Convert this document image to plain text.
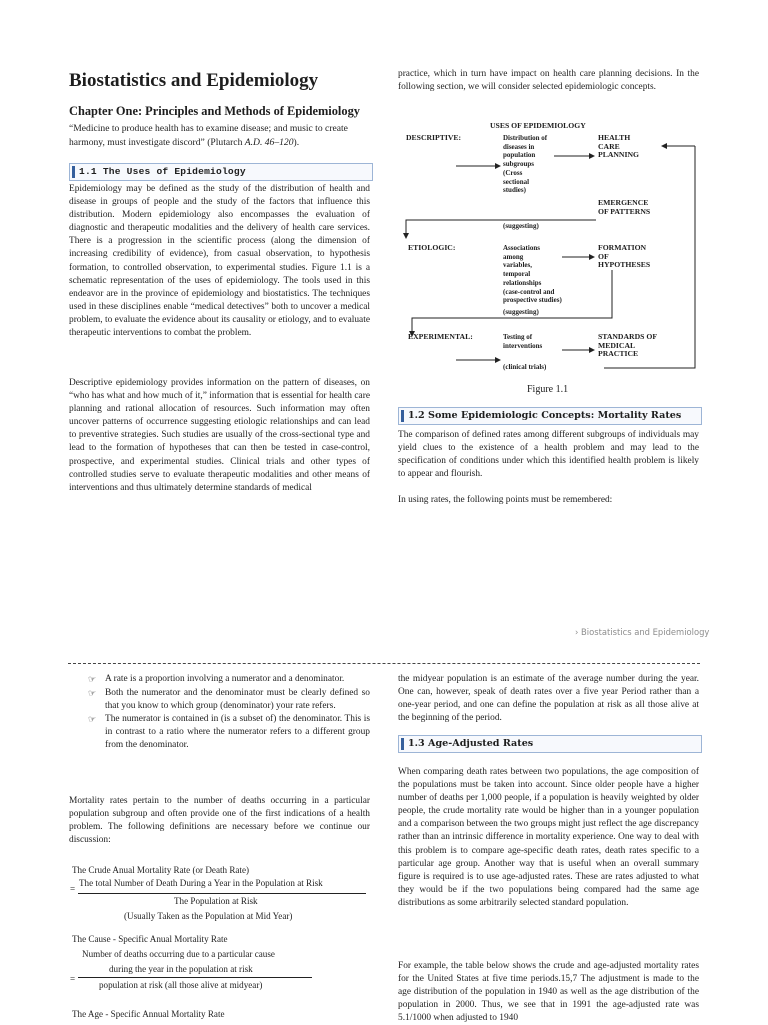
Biostatistics and Epidemiology
Chapter One: Principles and Methods of Epidemiology

“Medicine to produce health has to examine disease; and music to create harmony, must investigate discord” (Plutarch A.D. 46–120).

1.1 The Uses of Epidemiology

Epidemiology may be defined as the study of the distribution of health and disease in groups of people and the study of the factors that influence this distribution. Modern epidemiology also encompasses the evaluation of diagnostic and therapeutic modalities and the delivery of health care services. There is a progression in the scientific process (along the dimension of increasing credibility of evidence), from casual observation, to hypothesis formation, to controlled observation, to experimental studies. Figure 1.1 is a schematic representation of the uses of epidemiology. The tools used in this endeavor are in the province of epidemiology and biostatistics. The techniques used in these disciplines enable “medical detectives” both to uncover a medical problem, to evaluate the evidence about its causality or etiology, and to evaluate therapeutic interventions to combat the problem.

Descriptive epidemiology provides information on the pattern of diseases, on “who has what and how much of it,” information that is essential for health care planning and rational allocation of resources. Such information may often uncover patterns of occurrence suggesting etiologic relationships and can lead to preventive strategies. Such studies are usually of the cross-sectional type and lead to the formation of hypotheses that can then be tested in case-control, prospective, and experimental studies. Clinical trials and other types of controlled studies serve to evaluate therapeutic modalities and other means of interventions and thus ultimately determine standards of medical

practice, which in turn have impact on health care planning decisions. In the following section, we will consider selected epidemiologic concepts.

USES OF EPIDEMIOLOGY
DESCRIPTIVE:	Distribution of
diseases in
population
subgroups
(Cross
sectional
studies)
HEALTH
CARE
PLANNING
EMERGENCE
OF PATTERNS
(suggesting)
ETIOLOGIC:	Associations
among
variables,
temporal
relationships
(case-control and
prospective studies)
FORMATION
OF
HYPOTHESES
(suggesting)
EXPERIMENTAL:	Testing of
interventions
STANDARDS OF
MEDICAL
PRACTICE
(clinical trials)
Figure 1.1
1.2 Some Epidemiologic Concepts: Mortality Rates

The comparison of defined rates among different subgroups of individuals may yield clues to the existence of a health problem and may lead to the specification of conditions under which this identified health problem is likely to appear and flourish.

In using rates, the following points must be remembered:

› Biostatistics and Epidemiology
☞ A rate is a proportion involving a numerator and a denominator.
☞ Both the numerator and the denominator must be clearly defined so that you know to which group (denominator) your rate refers.
☞ The numerator is contained in (is a subset of) the denominator. This is in contrast to a ratio where the numerator refers to a different group from the denominator.

Mortality rates pertain to the number of deaths occurring in a particular population subgroup and often provide one of the first indications of a health problem. The following definitions are necessary before we continue our discussion:

The Crude Anual Mortality Rate (or Death Rate)
=
The total Number of Death During a Year in the Population at Risk
The Population at Risk
(Usually Taken as the Population at Mid Year)
The Cause - Specific Anual Mortality Rate
Number of deaths occurring due to a particular cause
during the year in the population at risk
=
population at risk (all those alive at midyear)
The Age - Specific Annual Mortality Rate

the midyear population is an estimate of the average number during the year. One can, however, speak of death rates over a five year Period rather than a one-year period, and one can define the population at risk as all those alive at the beginning of the period.

1.3 Age-Adjusted Rates

When comparing death rates between two populations, the age composition of the populations must be taken into account. Since older people have a higher number of deaths per 1,000 people, if a population is heavily weighted by older people, the crude mortality rate would be higher than in a younger population and a comparison between the two groups might just reflect the age discrepancy rather than an intrinsic difference in mortality experience. One way to deal with this problem is to compare age-specific death rates, death rates specific to a particular age group. Another way that is useful when an overall summary figure is required is to use age-adjusted rates. These are rates adjusted to what they would be if the two populations being compared had the same age distributions as some arbitrarily selected standard population.

For example, the table below shows the crude and age-adjusted mortality rates for the United States at five time periods.15,7 The adjustment is made to the age distribution of the population in 1940 as well as the age distribution of the population in 2000. Thus, we see that in 1991 the age-adjusted rate was 5.1/1000 when adjusted to 1940
